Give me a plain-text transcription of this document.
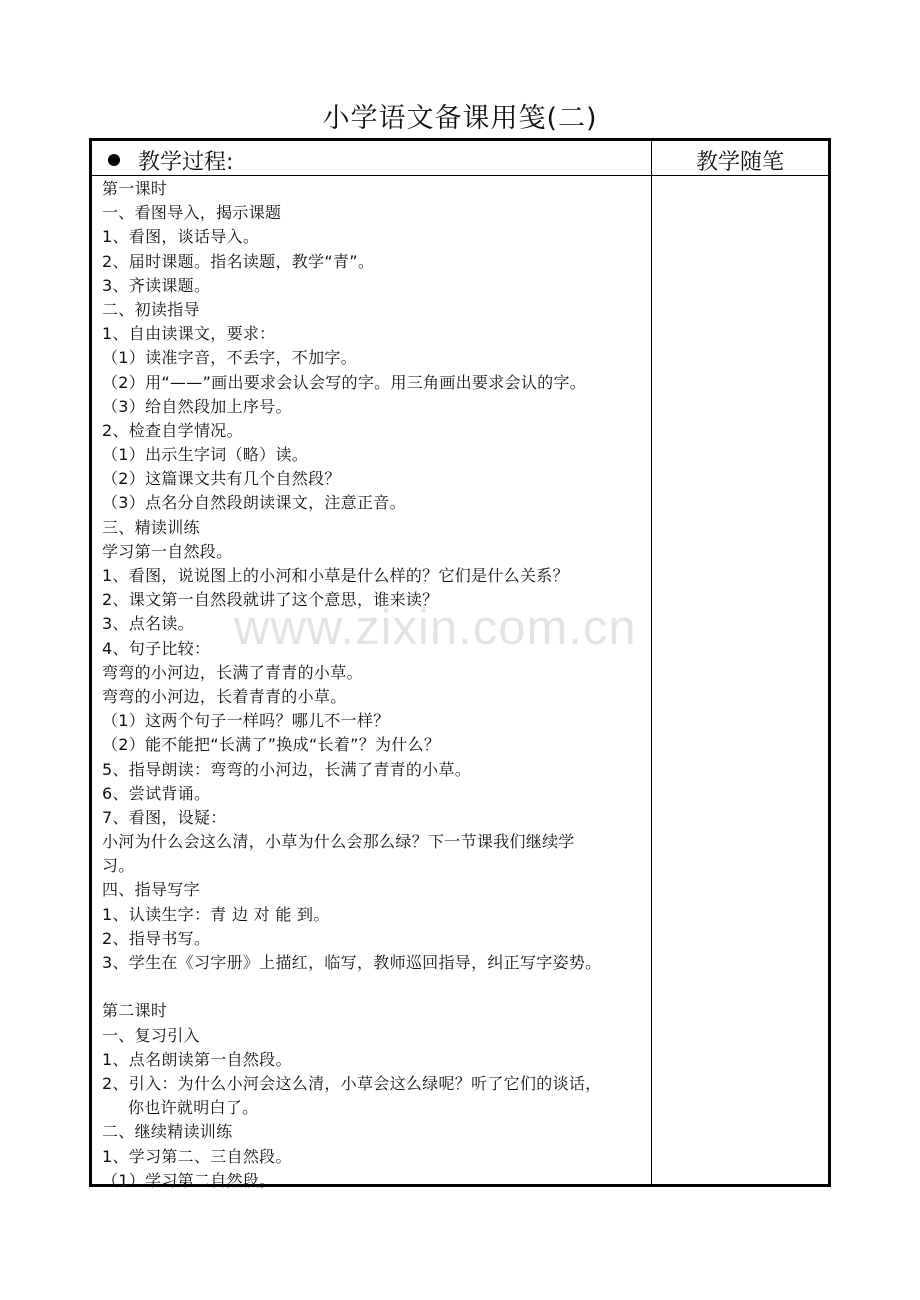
小学语文备课用笺(二)
教学过程:	教学随笔
第一课时
一、看图导入，揭示课题
1、看图，谈话导入。
2、届时课题。指名读题，教学“青”。
3、齐读课题。
二、初读指导
1、自由读课文，要求：
（1）读准字音，不丢字，不加字。
（2）用“——”画出要求会认会写的字。用三角画出要求会认的字。
（3）给自然段加上序号。
2、检查自学情况。
（1）出示生字词（略）读。
（2）这篇课文共有几个自然段？
（3）点名分自然段朗读课文，注意正音。
三、精读训练
学习第一自然段。
1、看图，说说图上的小河和小草是什么样的？它们是什么关系？
2、课文第一自然段就讲了这个意思，谁来读？
3、点名读。
4、句子比较：
弯弯的小河边，长满了青青的小草。
弯弯的小河边，长着青青的小草。
（1）这两个句子一样吗？哪儿不一样？
（2）能不能把“长满了”换成“长着”？为什么？
5、指导朗读：弯弯的小河边，长满了青青的小草。
6、尝试背诵。
7、看图，设疑：
小河为什么会这么清，小草为什么会那么绿？下一节课我们继续学
习。
四、指导写字
1、认读生字：青 边 对 能 到。
2、指导书写。
3、学生在《习字册》上描红，临写，教师巡回指导，纠正写字姿势。
第二课时
一、复习引入
1、点名朗读第一自然段。
2、引入：为什么小河会这么清，小草会这么绿呢？听了它们的谈话，
你也许就明白了。
二、继续精读训练
1、学习第二、三自然段。
（1）学习第二自然段。
www.zixin.com.cn
